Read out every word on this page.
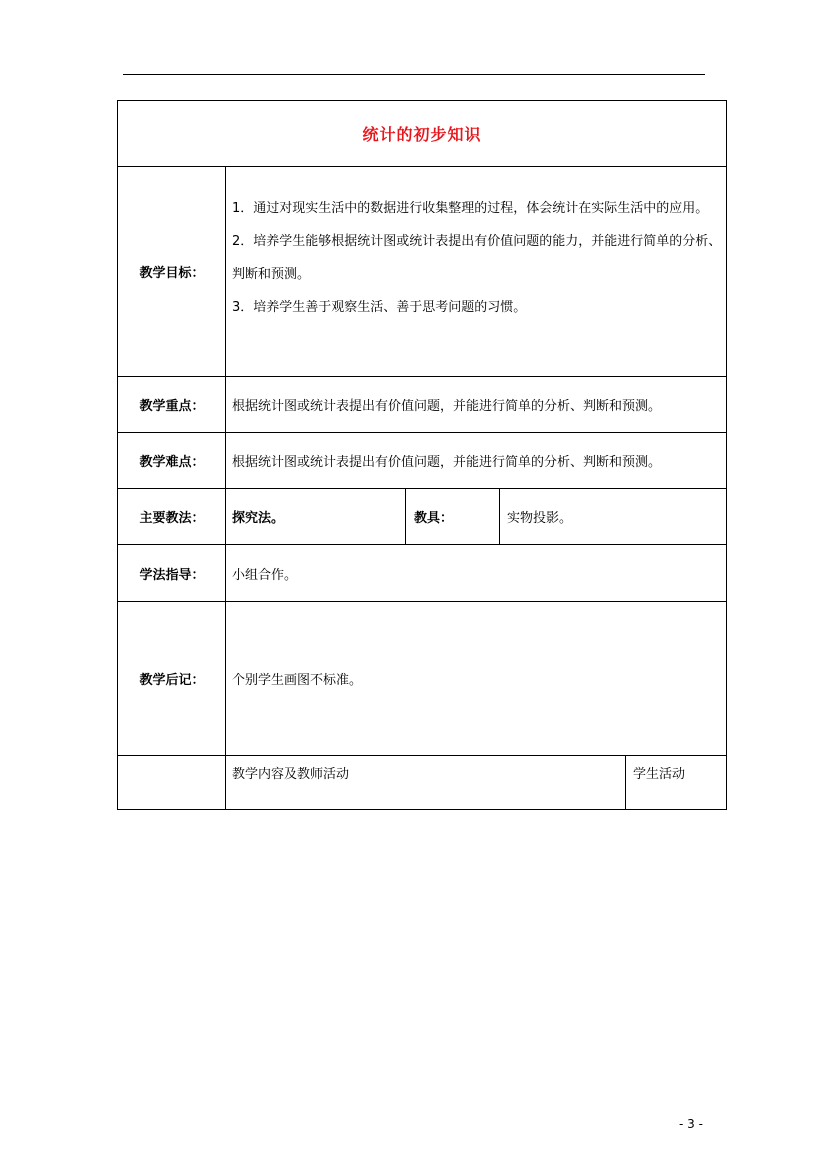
统计的初步知识
教学目标：

1．通过对现实生活中的数据进行收集整理的过程，体会统计在实际生活中的应用。

2．培养学生能够根据统计图或统计表提出有价值问题的能力，并能进行简单的分析、判断和预测。

3．培养学生善于观察生活、善于思考问题的习惯。

教学重点：	根据统计图或统计表提出有价值问题，并能进行简单的分析、判断和预测。
教学难点：	根据统计图或统计表提出有价值问题，并能进行简单的分析、判断和预测。
主要教法：	探究法。	教具：	实物投影。
学法指导：	小组合作。
教学后记：	个别学生画图不标准。
教学内容及教师活动	学生活动
- 3 -
